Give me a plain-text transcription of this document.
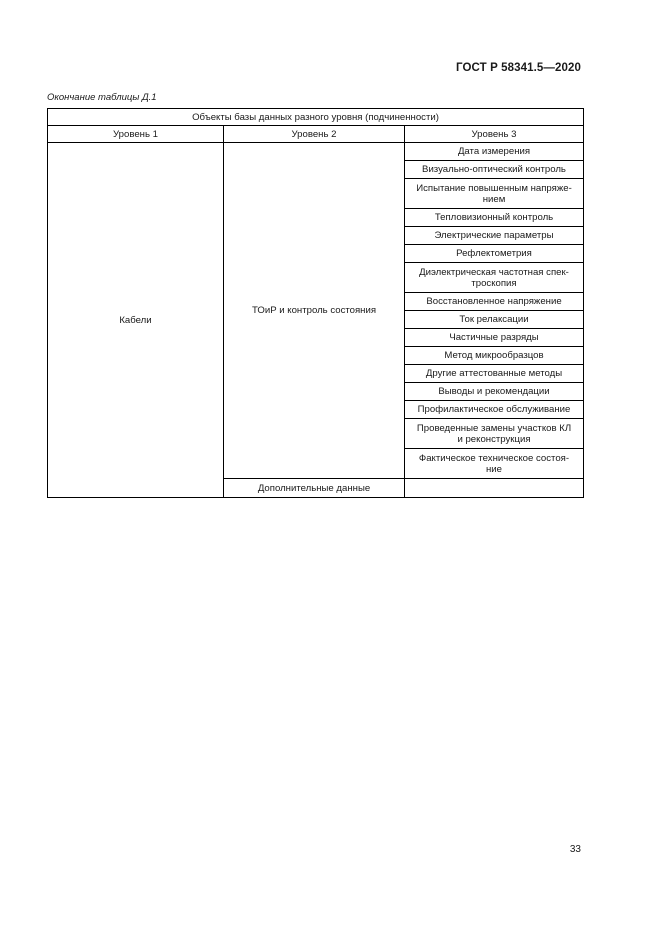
ГОСТ Р 58341.5—2020
Окончание таблицы Д.1
Объекты базы данных разного уровня (подчиненности)		
Уровень 1	Уровень 2	Уровень 3
Кабели	ТОиР и контроль состояния	Дата измерения
		Визуально-оптический контроль
		Испытание повышенным напряже-
нием
		Тепловизионный контроль
		Электрические параметры
		Рефлектометрия
		Диэлектрическая частотная спек-
троскопия
		Восстановленное напряжение
		Ток релаксации
		Частичные разряды
		Метод микрообразцов
		Другие аттестованные методы
		Выводы и рекомендации
		Профилактическое обслуживание
		Проведенные замены участков КЛ
и реконструкция
		Фактическое техническое состоя-
ние
	Дополнительные данные	
33
